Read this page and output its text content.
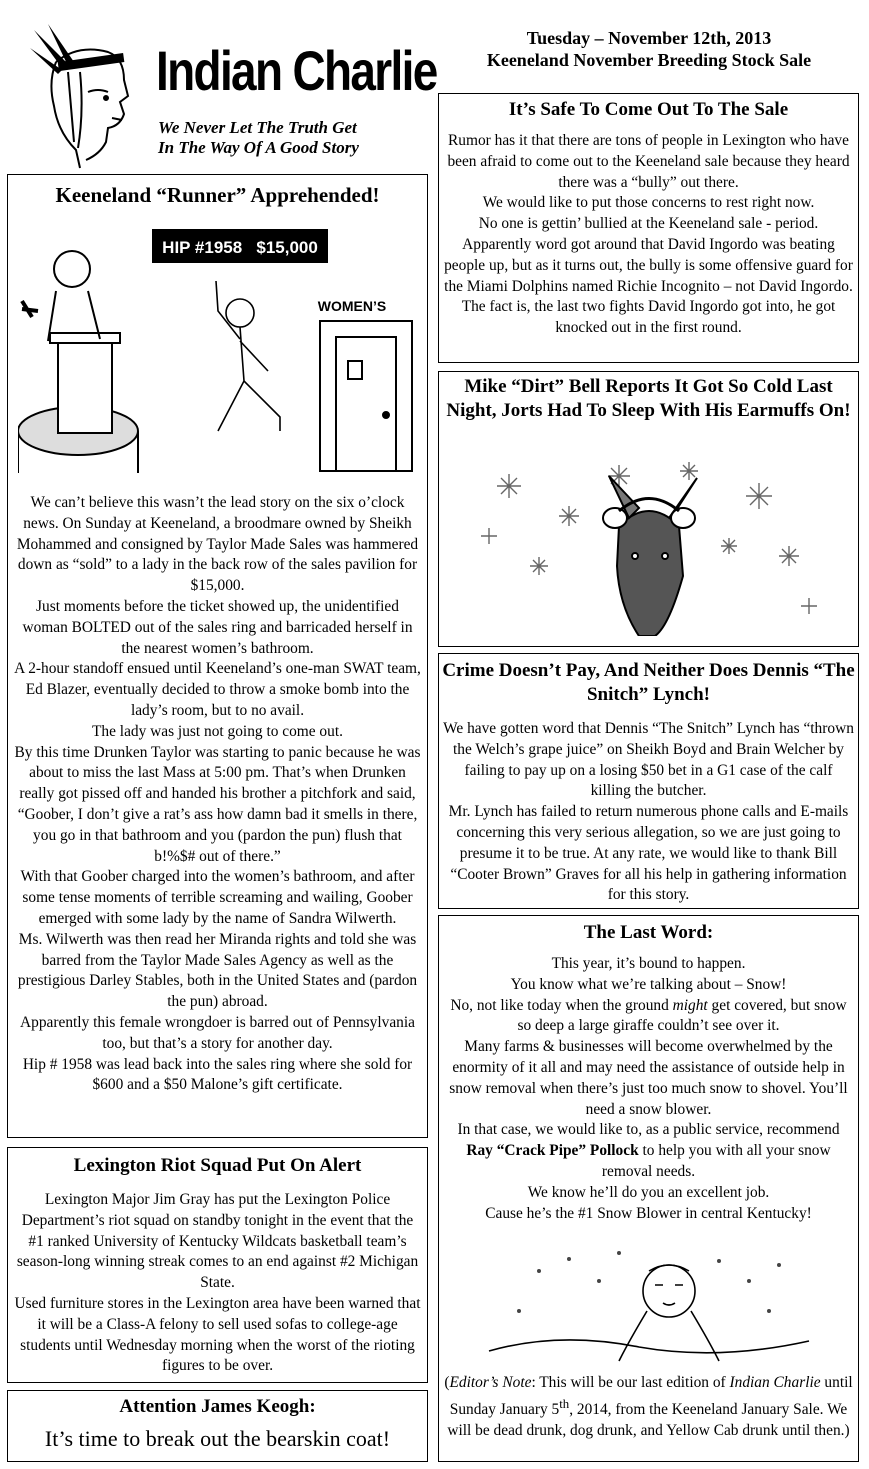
Indian Charlie
We Never Let The Truth Get
In The Way Of A Good Story
Tuesday – November 12th, 2013
Keeneland November Breeding Stock Sale
Keeneland “Runner” Apprehended!
HIP #1958   $15,000
WOMEN’S

We can’t believe this wasn’t the lead story on the six o’clock news. On Sunday at Keeneland, a broodmare owned by Sheikh Mohammed and consigned by Taylor Made Sales was hammered down as “sold” to a lady in the back row of the sales pavilion for $15,000.

Just moments before the ticket showed up, the unidentified woman BOLTED out of the sales ring and barricaded herself in the nearest women’s bathroom.

A 2-hour standoff ensued until Keeneland’s one-man SWAT team, Ed Blazer, eventually decided to throw a smoke bomb into the lady’s room, but to no avail.

The lady was just not going to come out.

By this time Drunken Taylor was starting to panic because he was about to miss the last Mass at 5:00 pm. That’s when Drunken really got pissed off and handed his brother a pitchfork and said, “Goober, I don’t give a rat’s ass how damn bad it smells in there, you go in that bathroom and you (pardon the pun) flush that b!%$# out of there.”

With that Goober charged into the women’s bathroom, and after some tense moments of terrible screaming and wailing, Goober emerged with some lady by the name of Sandra Wilwerth.

Ms. Wilwerth was then read her Miranda rights and told she was barred from the Taylor Made Sales Agency as well as the prestigious Darley Stables, both in the United States and (pardon the pun) abroad.

Apparently this female wrongdoer is barred out of Pennsylvania too, but that’s a story for another day.

Hip # 1958 was lead back into the sales ring where she sold for $600 and a $50 Malone’s gift certificate.

Lexington Riot Squad Put On Alert

Lexington Major Jim Gray has put the Lexington Police Department’s riot squad on standby tonight in the event that the #1 ranked University of Kentucky Wildcats basketball team’s season-long winning streak comes to an end against #2 Michigan State.

Used furniture stores in the Lexington area have been warned that it will be a Class-A felony to sell used sofas to college-age students until Wednesday morning when the worst of the rioting figures to be over.

Attention James Keogh:
It’s time to break out the bearskin coat!
It’s Safe To Come Out To The Sale

Rumor has it that there are tons of people in Lexington who have been afraid to come out to the Keeneland sale because they heard there was a “bully” out there.

We would like to put those concerns to rest right now.

No one is gettin’ bullied at the Keeneland sale - period.

Apparently word got around that David Ingordo was beating people up, but as it turns out, the bully is some offensive guard for the Miami Dolphins named Richie Incognito – not David Ingordo.

The fact is, the last two fights David Ingordo got into, he got knocked out in the first round.

Mike “Dirt” Bell Reports It Got So Cold Last Night, Jorts Had To Sleep With His Earmuffs On!
Crime Doesn’t Pay, And Neither Does Dennis “The Snitch” Lynch!

We have gotten word that Dennis “The Snitch” Lynch has “thrown the Welch’s grape juice” on Sheikh Boyd and Brain Welcher by failing to pay up on a losing $50 bet in a G1 case of the calf killing the butcher.

Mr. Lynch has failed to return numerous phone calls and E-mails concerning this very serious allegation, so we are just going to presume it to be true. At any rate, we would like to thank Bill “Cooter Brown” Graves for all his help in gathering information for this story.

The Last Word:

This year, it’s bound to happen.

You know what we’re talking about – Snow!

No, not like today when the ground might get covered, but snow so deep a large giraffe couldn’t see over it.

Many farms & businesses will become overwhelmed by the enormity of it all and may need the assistance of outside help in snow removal when there’s just too much snow to shovel. You’ll need a snow blower.

In that case, we would like to, as a public service, recommend Ray “Crack Pipe” Pollock to help you with all your snow removal needs.

We know he’ll do you an excellent job.

Cause he’s the #1 Snow Blower in central Kentucky!

(Editor’s Note: This will be our last edition of Indian Charlie until Sunday January 5th, 2014, from the Keeneland January Sale. We will be dead drunk, dog drunk, and Yellow Cab drunk until then.)
